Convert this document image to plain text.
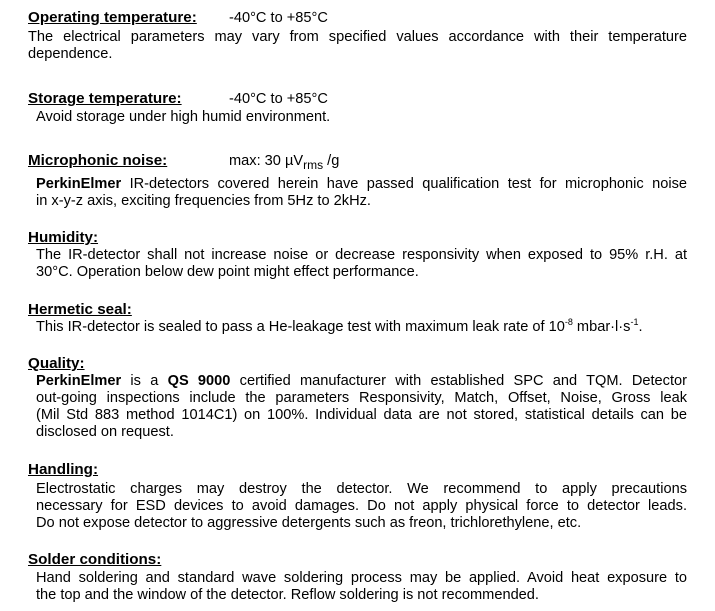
Operating temperature: -40°C to +85°C
The electrical parameters may vary from specified values accordance with their temperature
dependence.
Storage temperature:	-40°C to +85°C
Avoid storage under high humid environment.
Microphonic noise:	max: 30 µV$_{rms}$ /g
PerkinElmer IR-detectors covered herein have passed qualification test for microphonic noise
in x-y-z axis, exciting frequencies from 5Hz to 2kHz.
Humidity:
The IR-detector shall not increase noise or decrease responsivity when exposed to 95% r.H. at
30°C. Operation below dew point might effect performance.
Hermetic seal:
This IR-detector is sealed to pass a He-leakage test with maximum leak rate of $10^{-8}$ $mbar\cdot l\cdot s^{-1}$.
Quality:
PerkinElmer is a QS 9000 certified manufacturer with established SPC and TQM. Detector
out-going inspections include the parameters Responsivity, Match, Offset, Noise, Gross leak
(Mil Std 883 method 1014C1) on 100%. Individual data are not stored, statistical details can be
disclosed on request.
Handling:
Electrostatic charges may destroy the detector. We recommend to apply precautions
necessary for ESD devices to avoid damages. Do not apply physical force to detector leads.
Do not expose detector to aggressive detergents such as freon, trichlorethylene, etc.
Solder conditions:
Hand soldering and standard wave soldering process may be applied. Avoid heat exposure to
the top and the window of the detector. Reflow soldering is not recommended.
